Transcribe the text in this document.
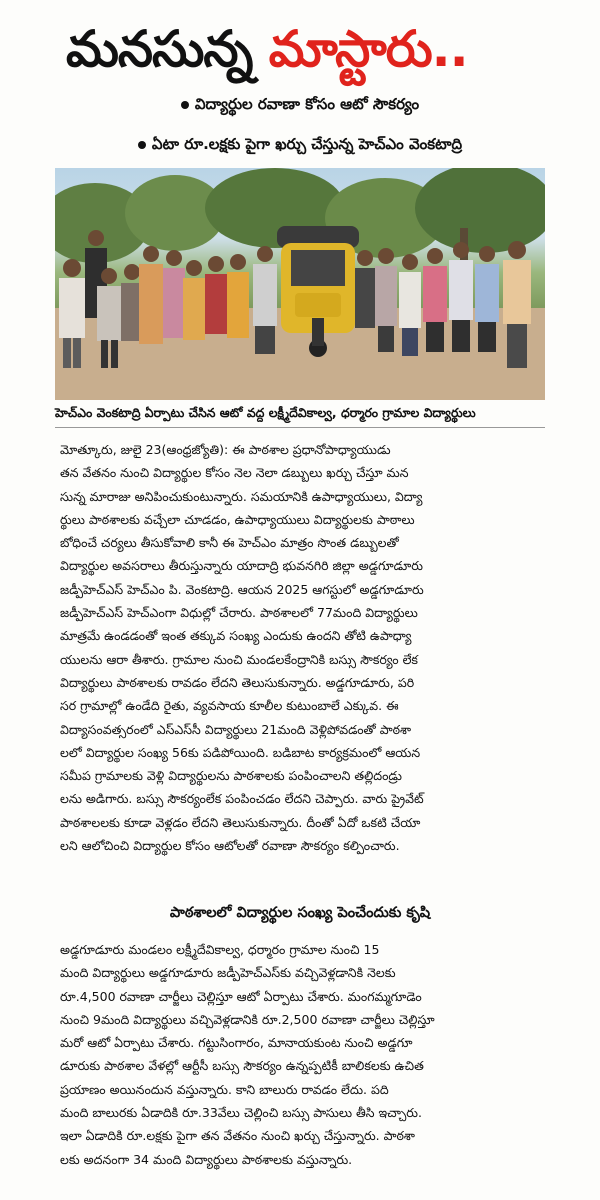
మనసున్న మాస్టారు..
విద్యార్థుల రవాణా కోసం ఆటో సౌకర్యం
ఏటా రూ.లక్షకు పైగా ఖర్చు చేస్తున్న హెచ్‌ఎం వెంకటాద్రి
హెచ్‌ఎం వెంకటాద్రి ఏర్పాటు చేసిన ఆటో వద్ద లక్ష్మీదేవికాల్వ, ధర్మారం గ్రామాల విద్యార్థులు
మోత్కూరు, జులై 23(ఆంధ్రజ్యోతి): ఈ పాఠశాల ప్రధానోపాధ్యాయుడు
తన వేతనం నుంచి విద్యార్థుల కోసం నెల నెలా డబ్బులు ఖర్చు చేస్తూ మన
సున్న మారాజు అనిపించుకుంటున్నారు. సమయానికి ఉపాధ్యాయులు, విద్యా
ర్థులు పాఠశాలకు వచ్చేలా చూడడం, ఉపాధ్యాయులు విద్యార్థులకు పాఠాలు
బోధించే చర్యలు తీసుకోవాలి కానీ ఈ హెచ్‌ఎం మాత్రం సొంత డబ్బులతో
విద్యార్థుల అవసరాలు తీరుస్తున్నారు యాదాద్రి భువనగిరి జిల్లా అడ్డగూడూరు
జడ్పీహెచ్‌ఎస్ హెచ్‌ఎం పి. వెంకటాద్రి. ఆయన 2025 ఆగస్టులో అడ్డగూడూరు
జడ్పీహెచ్‌ఎస్ హెచ్‌ఎంగా విధుల్లో చేరారు. పాఠశాలలో 77మంది విద్యార్థులు
మాత్రమే ఉండడంతో ఇంత తక్కువ సంఖ్య ఎందుకు ఉందని తోటి ఉపాధ్యా
యులను ఆరా తీశారు. గ్రామాల నుంచి మండలకేంద్రానికి బస్సు సౌకర్యం లేక
విద్యార్థులు పాఠశాలకు రావడం లేదని తెలుసుకున్నారు. అడ్డగూడూరు, పరి
సర గ్రామాల్లో ఉండేది రైతు, వ్యవసాయ కూలీల కుటుంబాలే ఎక్కువ. ఈ
విద్యాసంవత్సరంలో ఎస్ఎస్‌సీ విద్యార్థులు 21మంది వెళ్లిపోవడంతో పాఠశా
లలో విద్యార్థుల సంఖ్య 56కు పడిపోయింది. బడిబాట కార్యక్రమంలో ఆయన
సమీప గ్రామాలకు వెళ్లి విద్యార్థులను పాఠశాలకు పంపించాలని తల్లిదండ్రు
లను అడిగారు. బస్సు సౌకర్యంలేక పంపించడం లేదని చెప్పారు. వారు ప్రైవేట్
పాఠశాలలకు కూడా వెళ్లడం లేదని తెలుసుకున్నారు. దీంతో ఏదో ఒకటి చేయా
లని ఆలోచించి విద్యార్థుల కోసం ఆటోలతో రవాణా సౌకర్యం కల్పించారు.
పాఠశాలలో విద్యార్థుల సంఖ్య పెంచేందుకు కృషి
అడ్డగూడూరు మండలం లక్ష్మీదేవికాల్వ, ధర్మారం గ్రామాల నుంచి 15
మంది విద్యార్థులు అడ్డగూడూరు జడ్పీహెచ్‌ఎస్‌కు వచ్చివెళ్లడానికి నెలకు
రూ.4,500 రవాణా చార్జీలు చెల్లిస్తూ ఆటో ఏర్పాటు చేశారు. మంగమ్మగూడెం
నుంచి 9మంది విద్యార్థులు వచ్చివెళ్లడానికి రూ.2,500 రవాణా చార్జీలు చెల్లిస్తూ
మరో ఆటో ఏర్పాటు చేశారు. గట్టుసింగారం, మానాయకుంట నుంచి అడ్డగూ
డూరుకు పాఠశాల వేళల్లో ఆర్టీసీ బస్సు సౌకర్యం ఉన్నప్పటికీ బాలికలకు ఉచిత
ప్రయాణం అయినందున వస్తున్నారు. కాని బాలురు రావడం లేదు. పది
మంది బాలురకు ఏడాదికి రూ.33వేలు చెల్లించి బస్సు పాసులు తీసి ఇచ్చారు.
ఇలా ఏడాదికి రూ.లక్షకు పైగా తన వేతనం నుంచి ఖర్చు చేస్తున్నారు. పాఠశా
లకు అదనంగా 34 మంది విద్యార్థులు పాఠశాలకు వస్తున్నారు.
